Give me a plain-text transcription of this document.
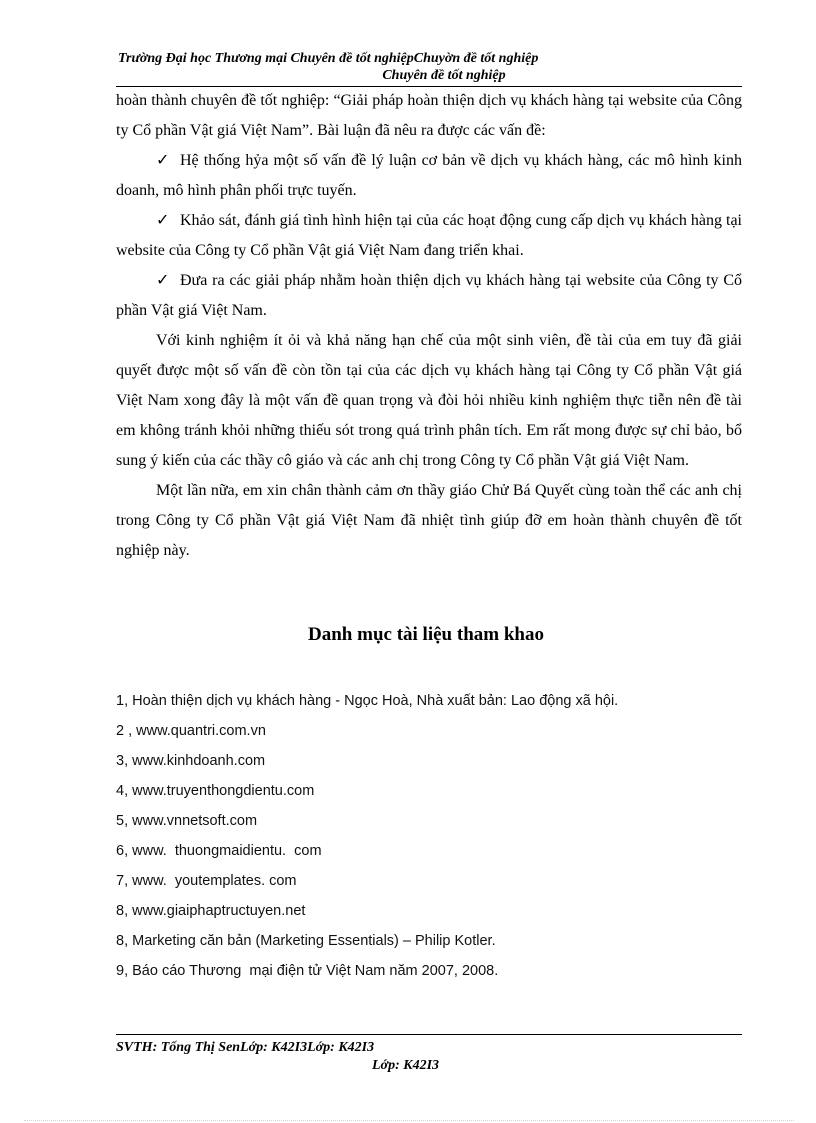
Trường Đại học Thương mại Chuyên đề tốt nghiệpChuyờn đề tốt nghiệp
Chuyên đề tốt nghiệp

hoàn thành chuyên đề tốt nghiệp: “Giải pháp hoàn thiện dịch vụ khách hàng tại website của Công ty Cổ phần Vật giá Việt Nam”. Bài luận đã nêu ra được các vấn đề:

✓ Hệ thống hỷa một số vấn đề lý luận cơ bản về dịch vụ khách hàng, các mô hình kinh doanh, mô hình phân phối trực tuyến.

✓ Khảo sát, đánh giá tình hình hiện tại của các hoạt động cung cấp dịch vụ khách hàng tại website của Công ty Cổ phần Vật giá Việt Nam đang triển khai.

✓ Đưa ra các giải pháp nhằm hoàn thiện dịch vụ khách hàng tại website của Công ty Cổ phần Vật giá Việt Nam.

Với kinh nghiệm ít ỏi và khả năng hạn chế của một sinh viên, đề tài của em tuy đã giải quyết được một số vấn đề còn tồn tại của các dịch vụ khách hàng tại Công ty Cổ phần Vật giá Việt Nam xong đây là một vấn đề quan trọng và đòi hỏi nhiều kinh nghiệm thực tiễn nên đề tài em không tránh khỏi những thiếu sót trong quá trình phân tích. Em rất mong được sự chỉ bảo, bổ sung ý kiến của các thầy cô giáo và các anh chị trong Công ty Cổ phần Vật giá Việt Nam.

Một lần nữa, em xin chân thành cảm ơn thầy giáo Chử Bá Quyết cùng toàn thể các anh chị trong Công ty Cổ phần Vật giá Việt Nam đã nhiệt tình giúp đỡ em hoàn thành chuyên đề tốt nghiệp này.

Danh mục tài liệu tham khao
1, Hoàn thiện dịch vụ khách hàng - Ngọc Hoà, Nhà xuất bản: Lao động xã hội.
2 , www.quantri.com.vn
3, www.kinhdoanh.com
4, www.truyenthongdientu.com
5, www.vnnetsoft.com
6, www.  thuongmaidientu.  com
7, www.  youtemplates. com
8, www.giaiphaptructuyen.net
8, Marketing căn bản (Marketing Essentials) – Philip Kotler.
9, Báo cáo Thương  mại điện tử Việt Nam năm 2007, 2008.
SVTH: Tống Thị SenLớp: K42I3Lớp: K42I3
Lớp: K42I3
